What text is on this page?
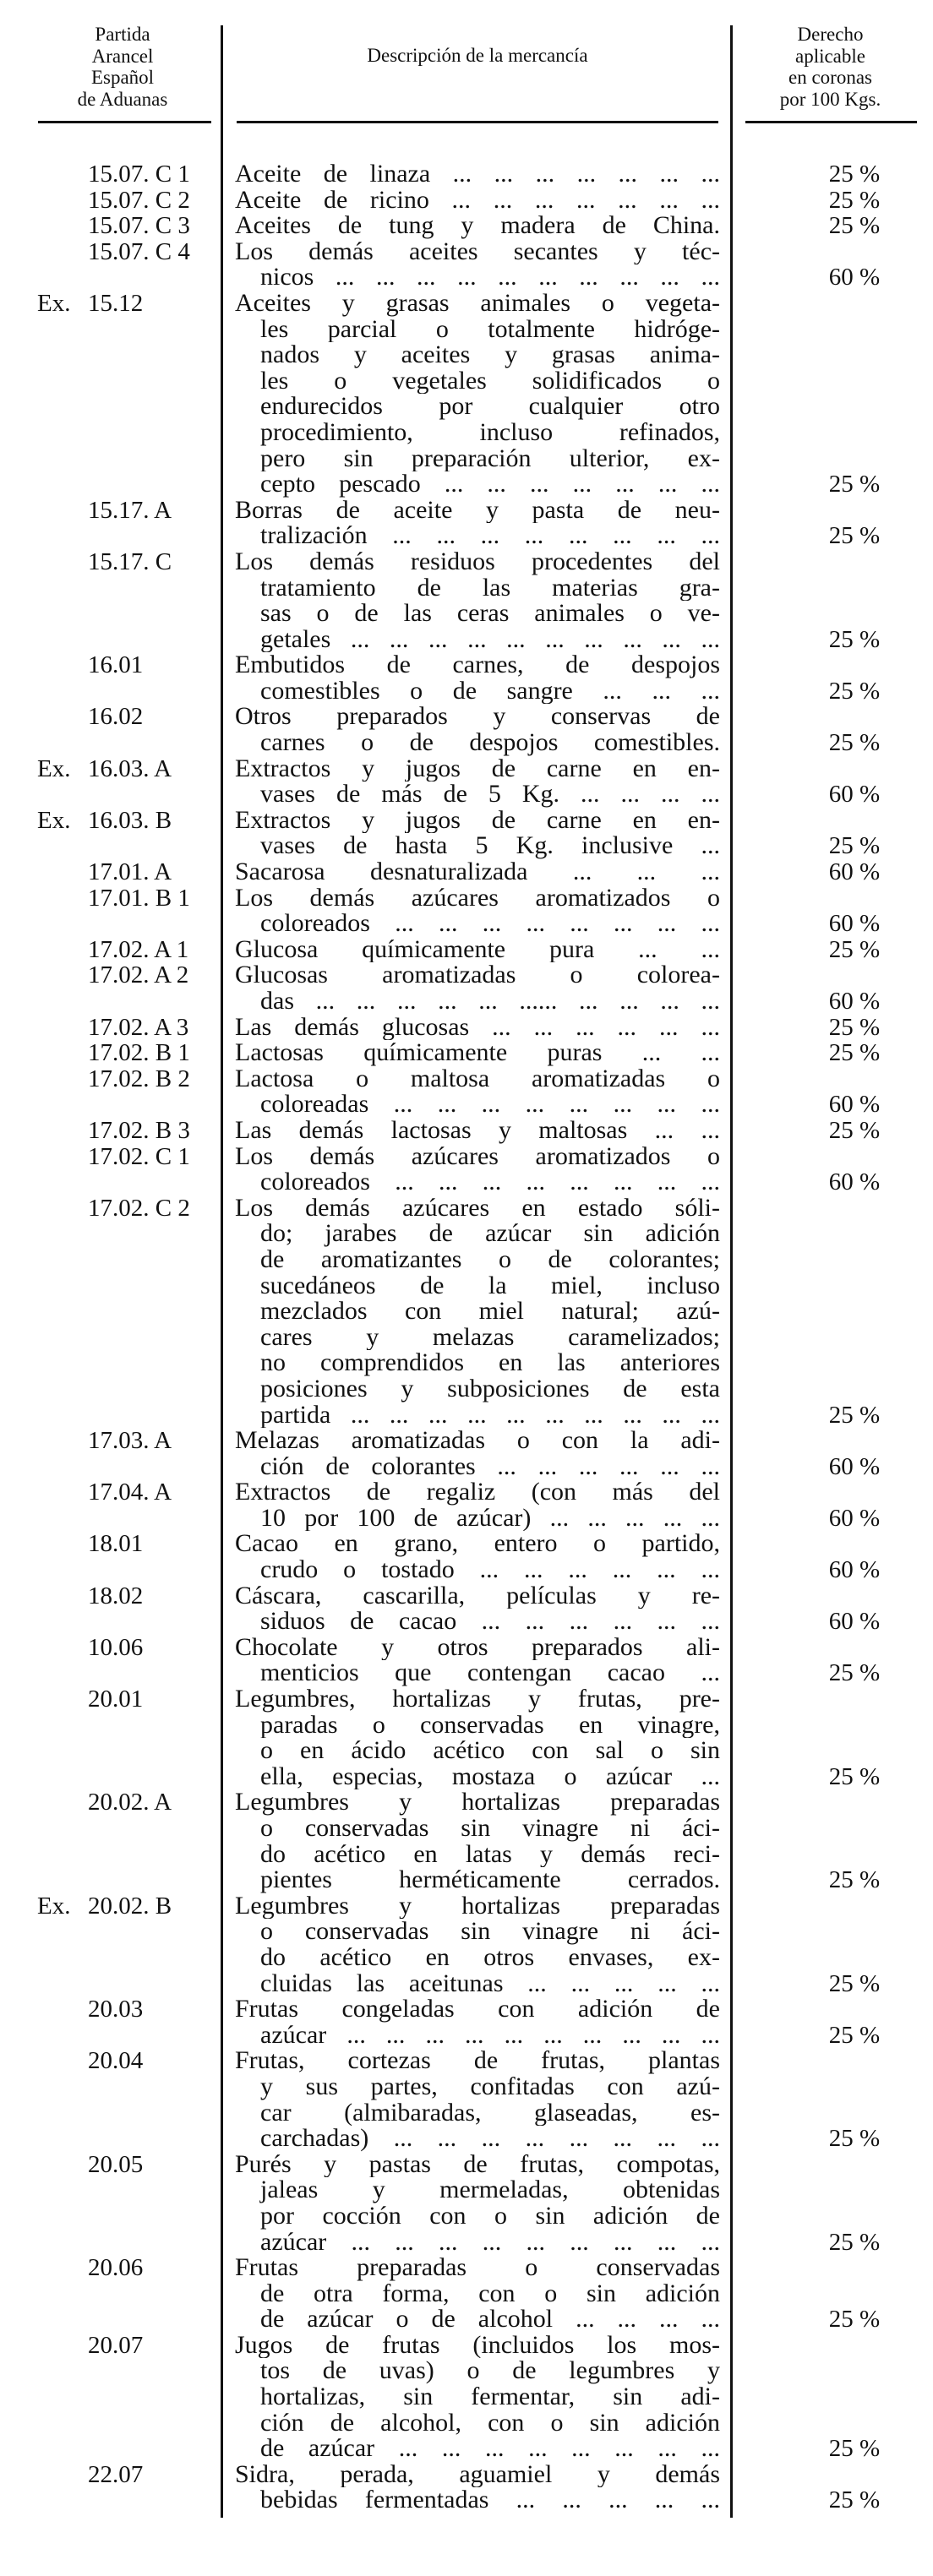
Partida
Arancel
Español
de Aduanas
Descripción de la mercancía
Derecho
aplicable
en coronas
por 100 Kgs.
15.07. C 1 Aceite de linaza ... ... ... ... ... ... ...	25 %
15.07. C 2 Aceite de ricino ... ... ... ... ... ... ...	25 %
15.07. C 3 Aceites de tung y madera de China.	25 %
15.07. C 4 Los demás aceites secantes y téc-
nicos ... ... ... ... ... ... ... ... ... ...	60 %
Ex. 15.12	Aceites y grasas animales o vegeta-
les parcial o totalmente hidróge-
nados y aceites y grasas anima-
les o vegetales solidificados o
endurecidos por cualquier otro
procedimiento, incluso refinados,
pero sin preparación ulterior, ex-
cepto pescado ... ... ... ... ... ... ...	25 %
15.17. A Borras de aceite y pasta de neu-
tralización ... ... ... ... ... ... ... ...	25 %
15.17. C Los demás residuos procedentes del
tratamiento de las materias gra-
sas o de las ceras animales o ve-
getales ... ... ... ... ... ... ... ... ... ...	25 %
16.01	Embutidos de carnes, de despojos
comestibles o de sangre ... ... ...	25 %
16.02	Otros preparados y conservas de
carnes o de despojos comestibles.	25 %
Ex. 16.03. A Extractos y jugos de carne en en-
vases de más de 5 Kg. ... ... ... ...	60 %
Ex. 16.03. B Extractos y jugos de carne en en-
vases de hasta 5 Kg. inclusive ...	25 %
17.01. A Sacarosa desnaturalizada ... ... ...	60 %
17.01. B 1 Los demás azúcares aromatizados o
coloreados ... ... ... ... ... ... ... ...	60 %
17.02. A 1 Glucosa químicamente pura ... ...	25 %
17.02. A 2 Glucosas aromatizadas o colorea-
das ... ... ... ... ... ...... ... ... ... ...	60 %
17.02. A 3 Las demás glucosas ... ... ... ... ... ...	25 %
17.02. B 1 Lactosas químicamente puras ... ...	25 %
17.02. B 2 Lactosa o maltosa aromatizadas o
coloreadas ... ... ... ... ... ... ... ...	60 %
17.02. B 3 Las demás lactosas y maltosas ... ...	25 %
17.02. C 1 Los demás azúcares aromatizados o
coloreados ... ... ... ... ... ... ... ...	60 %
17.02. C 2 Los demás azúcares en estado sóli-
do; jarabes de azúcar sin adición
de aromatizantes o de colorantes;
sucedáneos de la miel, incluso
mezclados con miel natural; azú-
cares y melazas caramelizados;
no comprendidos en las anteriores
posiciones y subposiciones de esta
partida ... ... ... ... ... ... ... ... ... ...	25 %
17.03. A Melazas aromatizadas o con la adi-
ción de colorantes ... ... ... ... ... ...	60 %
17.04. A Extractos de regaliz (con más del
10 por 100 de azúcar) ... ... ... ... ...	60 %
18.01	Cacao en grano, entero o partido,
crudo o tostado ... ... ... ... ... ...	60 %
18.02	Cáscara, cascarilla, películas y re-
siduos de cacao ... ... ... ... ... ...	60 %
10.06	Chocolate y otros preparados ali-
menticios que contengan cacao ...	25 %
20.01	Legumbres, hortalizas y frutas, pre-
paradas o conservadas en vinagre,
o en ácido acético con sal o sin
ella, especias, mostaza o azúcar ...	25 %
20.02. A Legumbres y hortalizas preparadas
o conservadas sin vinagre ni áci-
do acético en latas y demás reci-
pientes herméticamente cerrados.	25 %
Ex. 20.02. B Legumbres y hortalizas preparadas
o conservadas sin vinagre ni áci-
do acético en otros envases, ex-
cluidas las aceitunas ... ... ... ... ...	25 %
20.03	Frutas congeladas con adición de
azúcar ... ... ... ... ... ... ... ... ... ...	25 %
20.04	Frutas, cortezas de frutas, plantas
y sus partes, confitadas con azú-
car (almibaradas, glaseadas, es-
carchadas) ... ... ... ... ... ... ... ...	25 %
20.05	Purés y pastas de frutas, compotas,
jaleas y mermeladas, obtenidas
por cocción con o sin adición de
azúcar ... ... ... ... ... ... ... ... ...	25 %
20.06	Frutas preparadas o conservadas
de otra forma, con o sin adición
de azúcar o de alcohol ... ... ... ...	25 %
20.07	Jugos de frutas (incluidos los mos-
tos de uvas) o de legumbres y
hortalizas, sin fermentar, sin adi-
ción de alcohol, con o sin adición
de azúcar ... ... ... ... ... ... ... ...	25 %
22.07	Sidra, perada, aguamiel y demás
bebidas fermentadas ... ... ... ... ...	25 %
